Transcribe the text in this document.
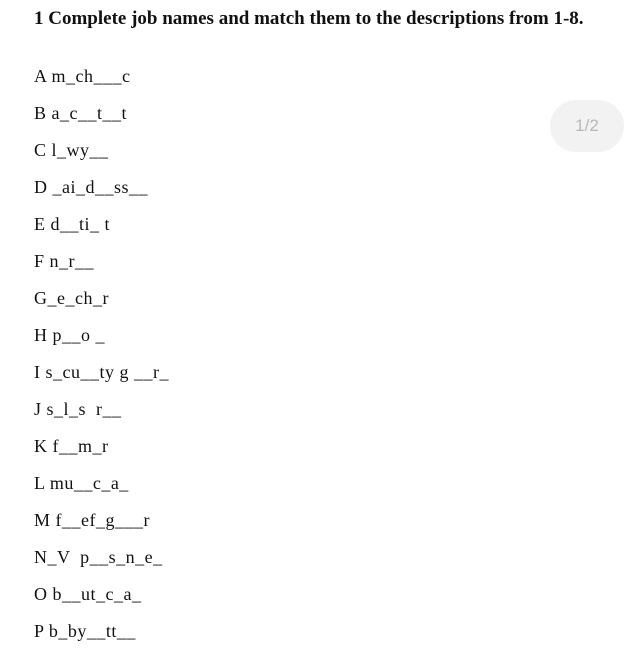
1 Complete job names and match them to the descriptions from 1-8.
A m_ch___c
B a_c__t__t
C l_wy__
D _ai_d__ss__
E d__ti_ t
F n_r__
G_e_ch_r
H p__o _
I s_cu__ty g __r_
J s_l_s  r__
K f__m_r
L mu__c_a_
M f__ef_g___r
N_V  p__s_n_e_
O b__ut_c_a_
P b_by__tt__
1/2
